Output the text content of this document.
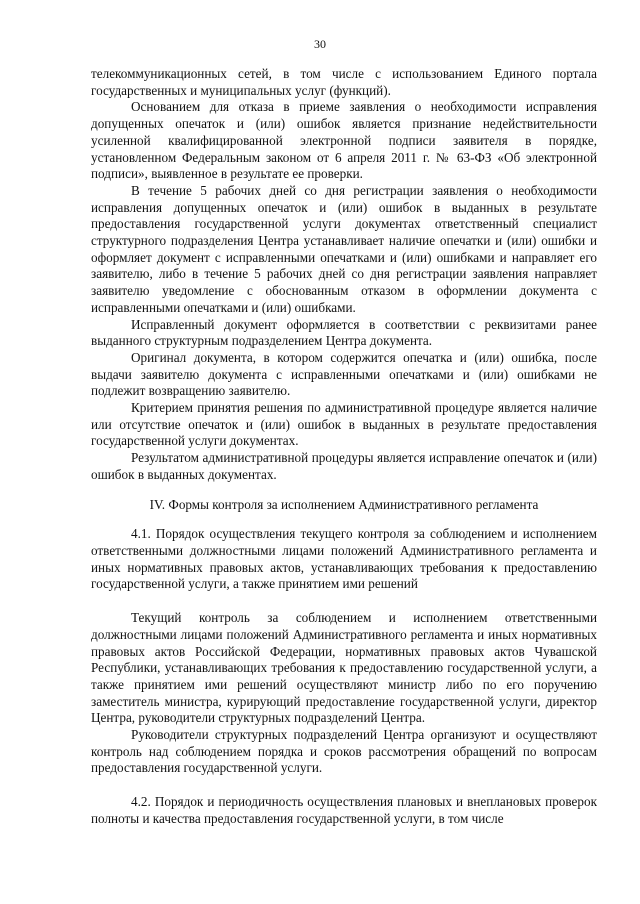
30

телекоммуникационных сетей, в том числе с использованием Единого портала государственных и муниципальных услуг (функций).

Основанием для отказа в приеме заявления о необходимости исправления допущенных опечаток и (или) ошибок является признание недействительности усиленной квалифицированной электронной подписи заявителя в порядке, установленном Федеральным законом от 6 апреля 2011 г. № 63-ФЗ «Об электронной подписи», выявленное в результате ее проверки.

В течение 5 рабочих дней со дня регистрации заявления о необходимости исправления допущенных опечаток и (или) ошибок в выданных в результате предоставления государственной услуги документах ответственный специалист структурного подразделения Центра устанавливает наличие опечатки и (или) ошибки и оформляет документ с исправленными опечатками и (или) ошибками и направляет его заявителю, либо в течение 5 рабочих дней со дня регистрации заявления направляет заявителю уведомление с обоснованным отказом в оформлении документа с исправленными опечатками и (или) ошибками.

Исправленный документ оформляется в соответствии с реквизитами ранее выданного структурным подразделением Центра документа.

Оригинал документа, в котором содержится опечатка и (или) ошибка, после выдачи заявителю документа с исправленными опечатками и (или) ошибками не подлежит возвращению заявителю.

Критерием принятия решения по административной процедуре является наличие или отсутствие опечаток и (или) ошибок в выданных в результате предоставления государственной услуги документах.

Результатом административной процедуры является исправление опечаток и (или) ошибок в выданных документах.

IV. Формы контроля за исполнением Административного регламента

4.1. Порядок осуществления текущего контроля за соблюдением и исполнением ответственными должностными лицами положений Административного регламента и иных нормативных правовых актов, устанавливающих требования к предоставлению государственной услуги, а также принятием ими решений

Текущий контроль за соблюдением и исполнением ответственными должностными лицами положений Административного регламента и иных нормативных правовых актов Российской Федерации, нормативных правовых актов Чувашской Республики, устанавливающих требования к предоставлению государственной услуги, а также принятием ими решений осуществляют министр либо по его поручению заместитель министра, курирующий предоставление государственной услуги, директор Центра, руководители структурных подразделений Центра.

Руководители структурных подразделений Центра организуют и осуществляют контроль над соблюдением порядка и сроков рассмотрения обращений по вопросам предоставления государственной услуги.

4.2. Порядок и периодичность осуществления плановых и внеплановых проверок полноты и качества предоставления государственной услуги, в том числе
